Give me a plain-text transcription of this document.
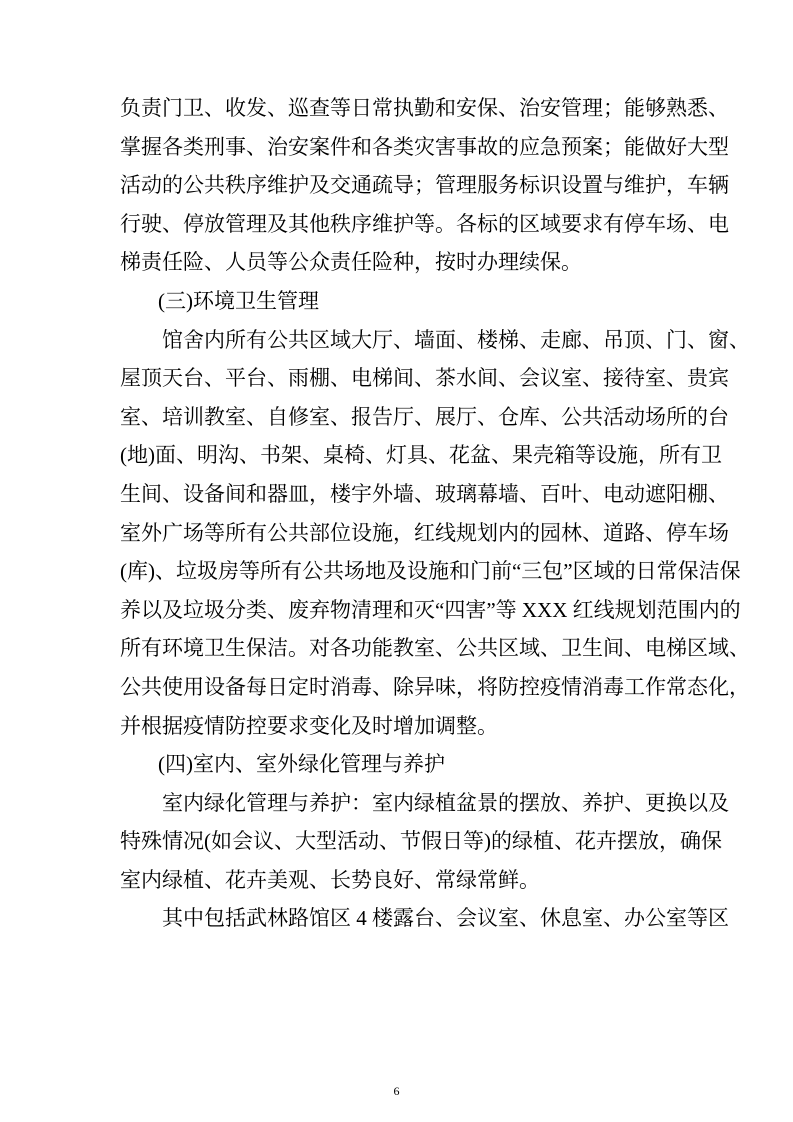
负责门卫、收发、巡查等日常执勤和安保、治安管理；能够熟悉、
掌握各类刑事、治安案件和各类灾害事故的应急预案；能做好大型
活动的公共秩序维护及交通疏导；管理服务标识设置与维护，车辆
行驶、停放管理及其他秩序维护等。各标的区域要求有停车场、电
梯责任险、人员等公众责任险种，按时办理续保。
(三)环境卫生管理
馆舍内所有公共区域大厅、墙面、楼梯、走廊、吊顶、门、窗、
屋顶天台、平台、雨棚、电梯间、茶水间、会议室、接待室、贵宾
室、培训教室、自修室、报告厅、展厅、仓库、公共活动场所的台
(地)面、明沟、书架、桌椅、灯具、花盆、果壳箱等设施，所有卫
生间、设备间和器皿，楼宇外墙、玻璃幕墙、百叶、电动遮阳棚、
室外广场等所有公共部位设施，红线规划内的园林、道路、停车场
(库)、垃圾房等所有公共场地及设施和门前“三包”区域的日常保洁保
养以及垃圾分类、废弃物清理和灭“四害”等 XXX 红线规划范围内的
所有环境卫生保洁。对各功能教室、公共区域、卫生间、电梯区域、
公共使用设备每日定时消毒、除异味，将防控疫情消毒工作常态化，
并根据疫情防控要求变化及时增加调整。
(四)室内、室外绿化管理与养护
室内绿化管理与养护：室内绿植盆景的摆放、养护、更换以及
特殊情况(如会议、大型活动、节假日等)的绿植、花卉摆放，确保
室内绿植、花卉美观、长势良好、常绿常鲜。
其中包括武林路馆区 4 楼露台、会议室、休息室、办公室等区
6
